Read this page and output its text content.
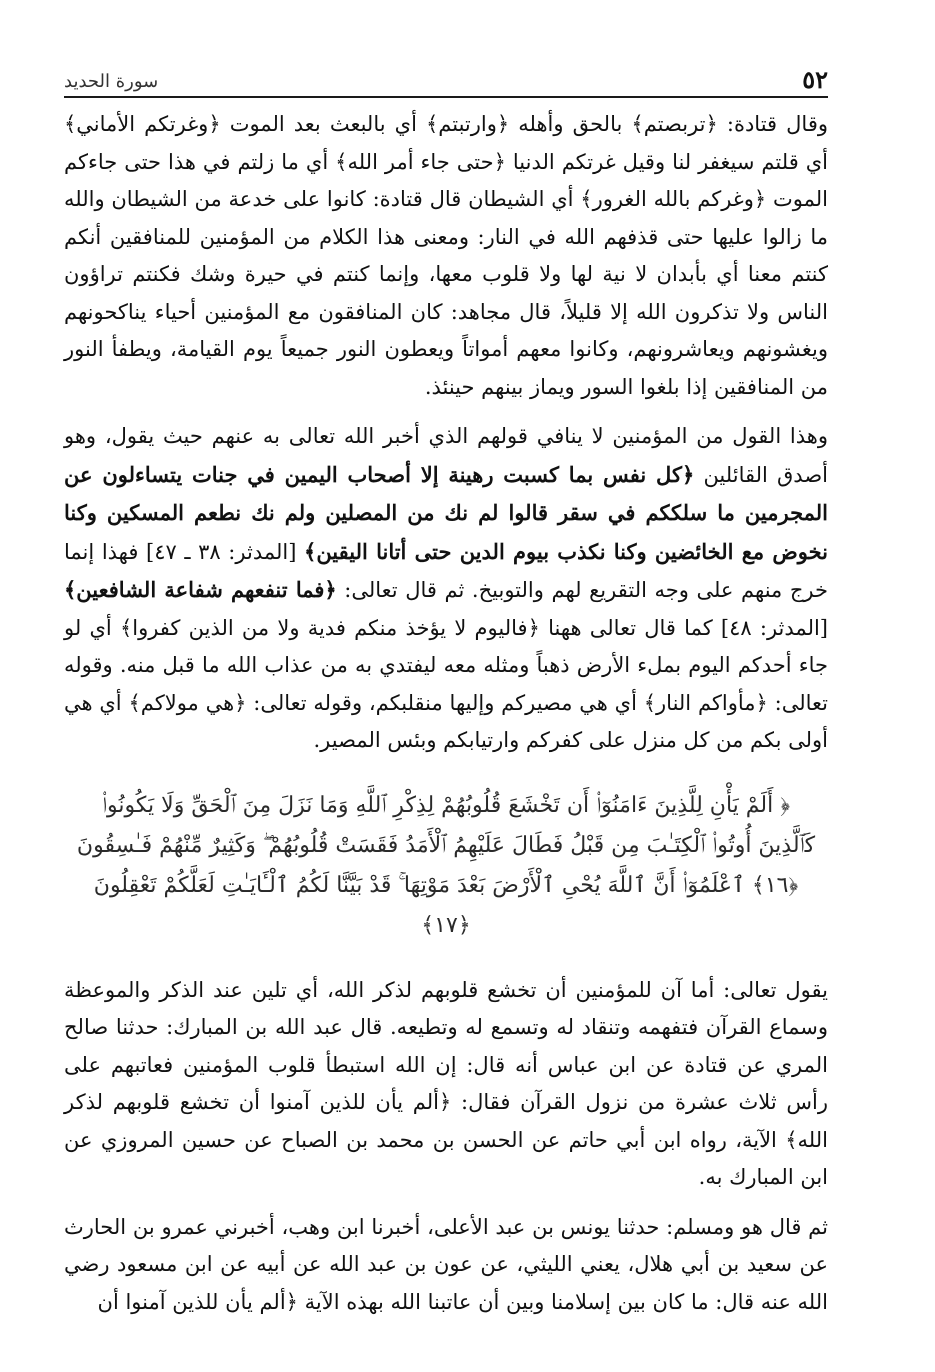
سورة الحديد	٥٢

وقال قتادة: ﴿تربصتم﴾ بالحق وأهله ﴿وارتبتم﴾ أي بالبعث بعد الموت ﴿وغرتكم الأماني﴾ أي قلتم سيغفر لنا وقيل غرتكم الدنيا ﴿حتى جاء أمر الله﴾ أي ما زلتم في هذا حتى جاءكم الموت ﴿وغركم بالله الغرور﴾ أي الشيطان قال قتادة: كانوا على خدعة من الشيطان والله ما زالوا عليها حتى قذفهم الله في النار: ومعنى هذا الكلام من المؤمنين للمنافقين أنكم كنتم معنا أي بأبدان لا نية لها ولا قلوب معها، وإنما كنتم في حيرة وشك فكنتم تراؤون الناس ولا تذكرون الله إلا قليلاً، قال مجاهد: كان المنافقون مع المؤمنين أحياء يناكحونهم ويغشونهم ويعاشرونهم، وكانوا معهم أمواتاً ويعطون النور جميعاً يوم القيامة، ويطفأ النور من المنافقين إذا بلغوا السور ويماز بينهم حينئذ.

وهذا القول من المؤمنين لا ينافي قولهم الذي أخبر الله تعالى به عنهم حيث يقول، وهو أصدق القائلين ﴿كل نفس بما كسبت رهينة إلا أصحاب اليمين في جنات يتساءلون عن المجرمين ما سلككم في سقر قالوا لم نك من المصلين ولم نك نطعم المسكين وكنا نخوض مع الخائضين وكنا نكذب بيوم الدين حتى أتانا اليقين﴾ [المدثر: ٣٨ ـ ٤٧] فهذا إنما خرج منهم على وجه التقريع لهم والتوبيخ. ثم قال تعالى: ﴿فما تنفعهم شفاعة الشافعين﴾[المدثر: ٤٨] كما قال تعالى ههنا ﴿فاليوم لا يؤخذ منكم فدية ولا من الذين كفروا﴾ أي لو جاء أحدكم اليوم بملء الأرض ذهباً ومثله معه ليفتدي به من عذاب الله ما قبل منه. وقوله تعالى: ﴿مأواكم النار﴾ أي هي مصيركم وإليها منقلبكم، وقوله تعالى: ﴿هي مولاكم﴾ أي هي أولى بكم من كل منزل على كفركم وارتيابكم وبئس المصير.

﴿ أَلَمْ يَأْنِ لِلَّذِينَ ءَامَنُوٓا۟ أَن تَخْشَعَ قُلُوبُهُمْ لِذِكْرِ ٱللَّهِ وَمَا نَزَلَ مِنَ ٱلْحَقِّ وَلَا يَكُونُوا۟ كَٱلَّذِينَ أُوتُوا۟ ٱلْكِتَـٰبَ مِن قَبْلُ فَطَالَ عَلَيْهِمُ ٱلْأَمَدُ فَقَسَتْ قُلُوبُهُمْ ۖ وَكَثِيرٌ مِّنْهُمْ فَـٰسِقُونَ ﴿١٦﴾ ٱعْلَمُوٓا۟ أَنَّ ٱللَّهَ يُحْىِ ٱلْأَرْضَ بَعْدَ مَوْتِهَا ۚ قَدْ بَيَّنَّا لَكُمُ ٱلْـَٔايَـٰتِ لَعَلَّكُمْ تَعْقِلُونَ ﴿١٧﴾

يقول تعالى: أما آن للمؤمنين أن تخشع قلوبهم لذكر الله، أي تلين عند الذكر والموعظة وسماع القرآن فتفهمه وتنقاد له وتسمع له وتطيعه. قال عبد الله بن المبارك: حدثنا صالح المري عن قتادة عن ابن عباس أنه قال: إن الله استبطأ قلوب المؤمنين فعاتبهم على رأس ثلاث عشرة من نزول القرآن فقال: ﴿ألم يأن للذين آمنوا أن تخشع قلوبهم لذكر الله﴾ الآية، رواه ابن أبي حاتم عن الحسن بن محمد بن الصباح عن حسين المروزي عن ابن المبارك به.

ثم قال هو ومسلم: حدثنا يونس بن عبد الأعلى، أخبرنا ابن وهب، أخبرني عمرو بن الحارث عن سعيد بن أبي هلال، يعني الليثي، عن عون بن عبد الله عن أبيه عن ابن مسعود رضي الله عنه قال: ما كان بين إسلامنا وبين أن عاتبنا الله بهذه الآية ﴿ألم يأن للذين آمنوا أن
